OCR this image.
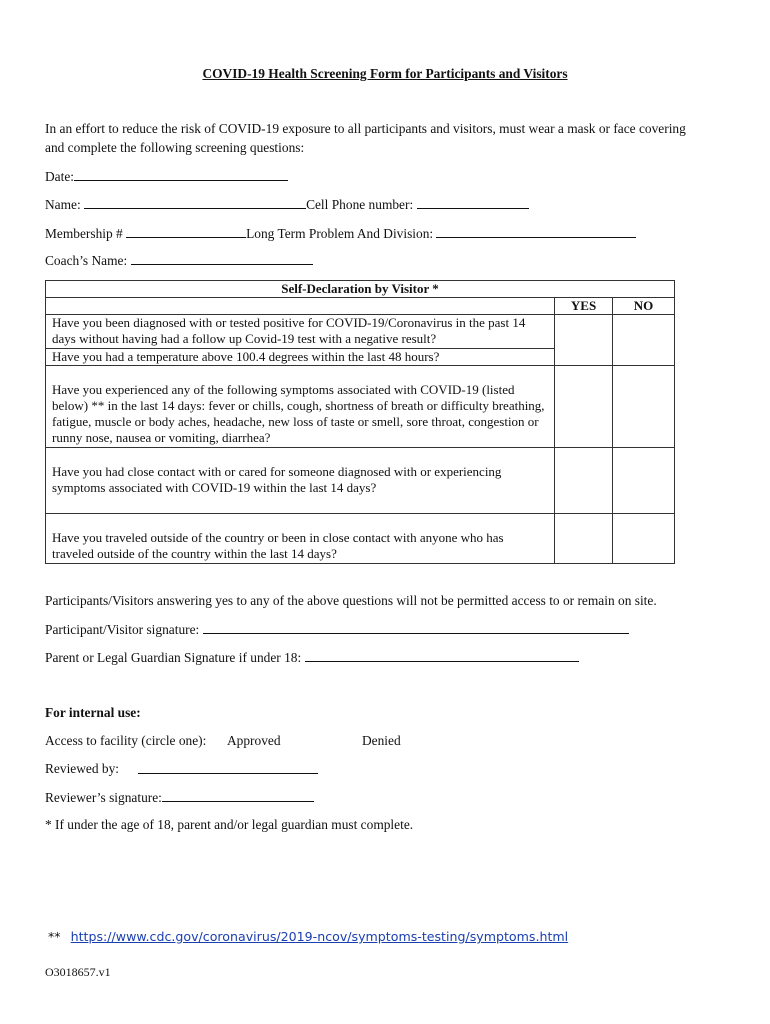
COVID-19 Health Screening Form for Participants and Visitors
In an effort to reduce the risk of COVID-19 exposure to all participants and visitors, must wear a mask or face covering
and complete the following screening questions:
Date:
Name:	Cell Phone number:
Membership #	Long Term Problem And Division:
Coach’s Name:
Self-Declaration by Visitor *		
	YES	NO
Have you been diagnosed with or tested positive for COVID-19/Coronavirus in the past 14 days without having had a follow up Covid-19 test with a negative result?		
Have you had a temperature above 100.4 degrees within the last 48 hours?		
Have you experienced any of the following symptoms associated with COVID-19 (listed below) ** in the last 14 days: fever or chills, cough, shortness of breath or difficulty breathing, fatigue, muscle or body aches, headache, new loss of taste or smell, sore throat, congestion or runny nose, nausea or vomiting, diarrhea?		
Have you had close contact with or cared for someone diagnosed with or experiencing symptoms associated with COVID-19 within the last 14 days?		
Have you traveled outside of the country or been in close contact with anyone who has traveled outside of the country within the last 14 days?		
Participants/Visitors answering yes to any of the above questions will not be permitted access to or remain on site.
Participant/Visitor signature:
Parent or Legal Guardian Signature if under 18:
For internal use:
Access to facility (circle one): Approved	Denied
Reviewed by:
Reviewer’s signature:
* If under the age of 18, parent and/or legal guardian must complete.
** https://www.cdc.gov/coronavirus/2019-ncov/symptoms-testing/symptoms.html
O3018657.v1
